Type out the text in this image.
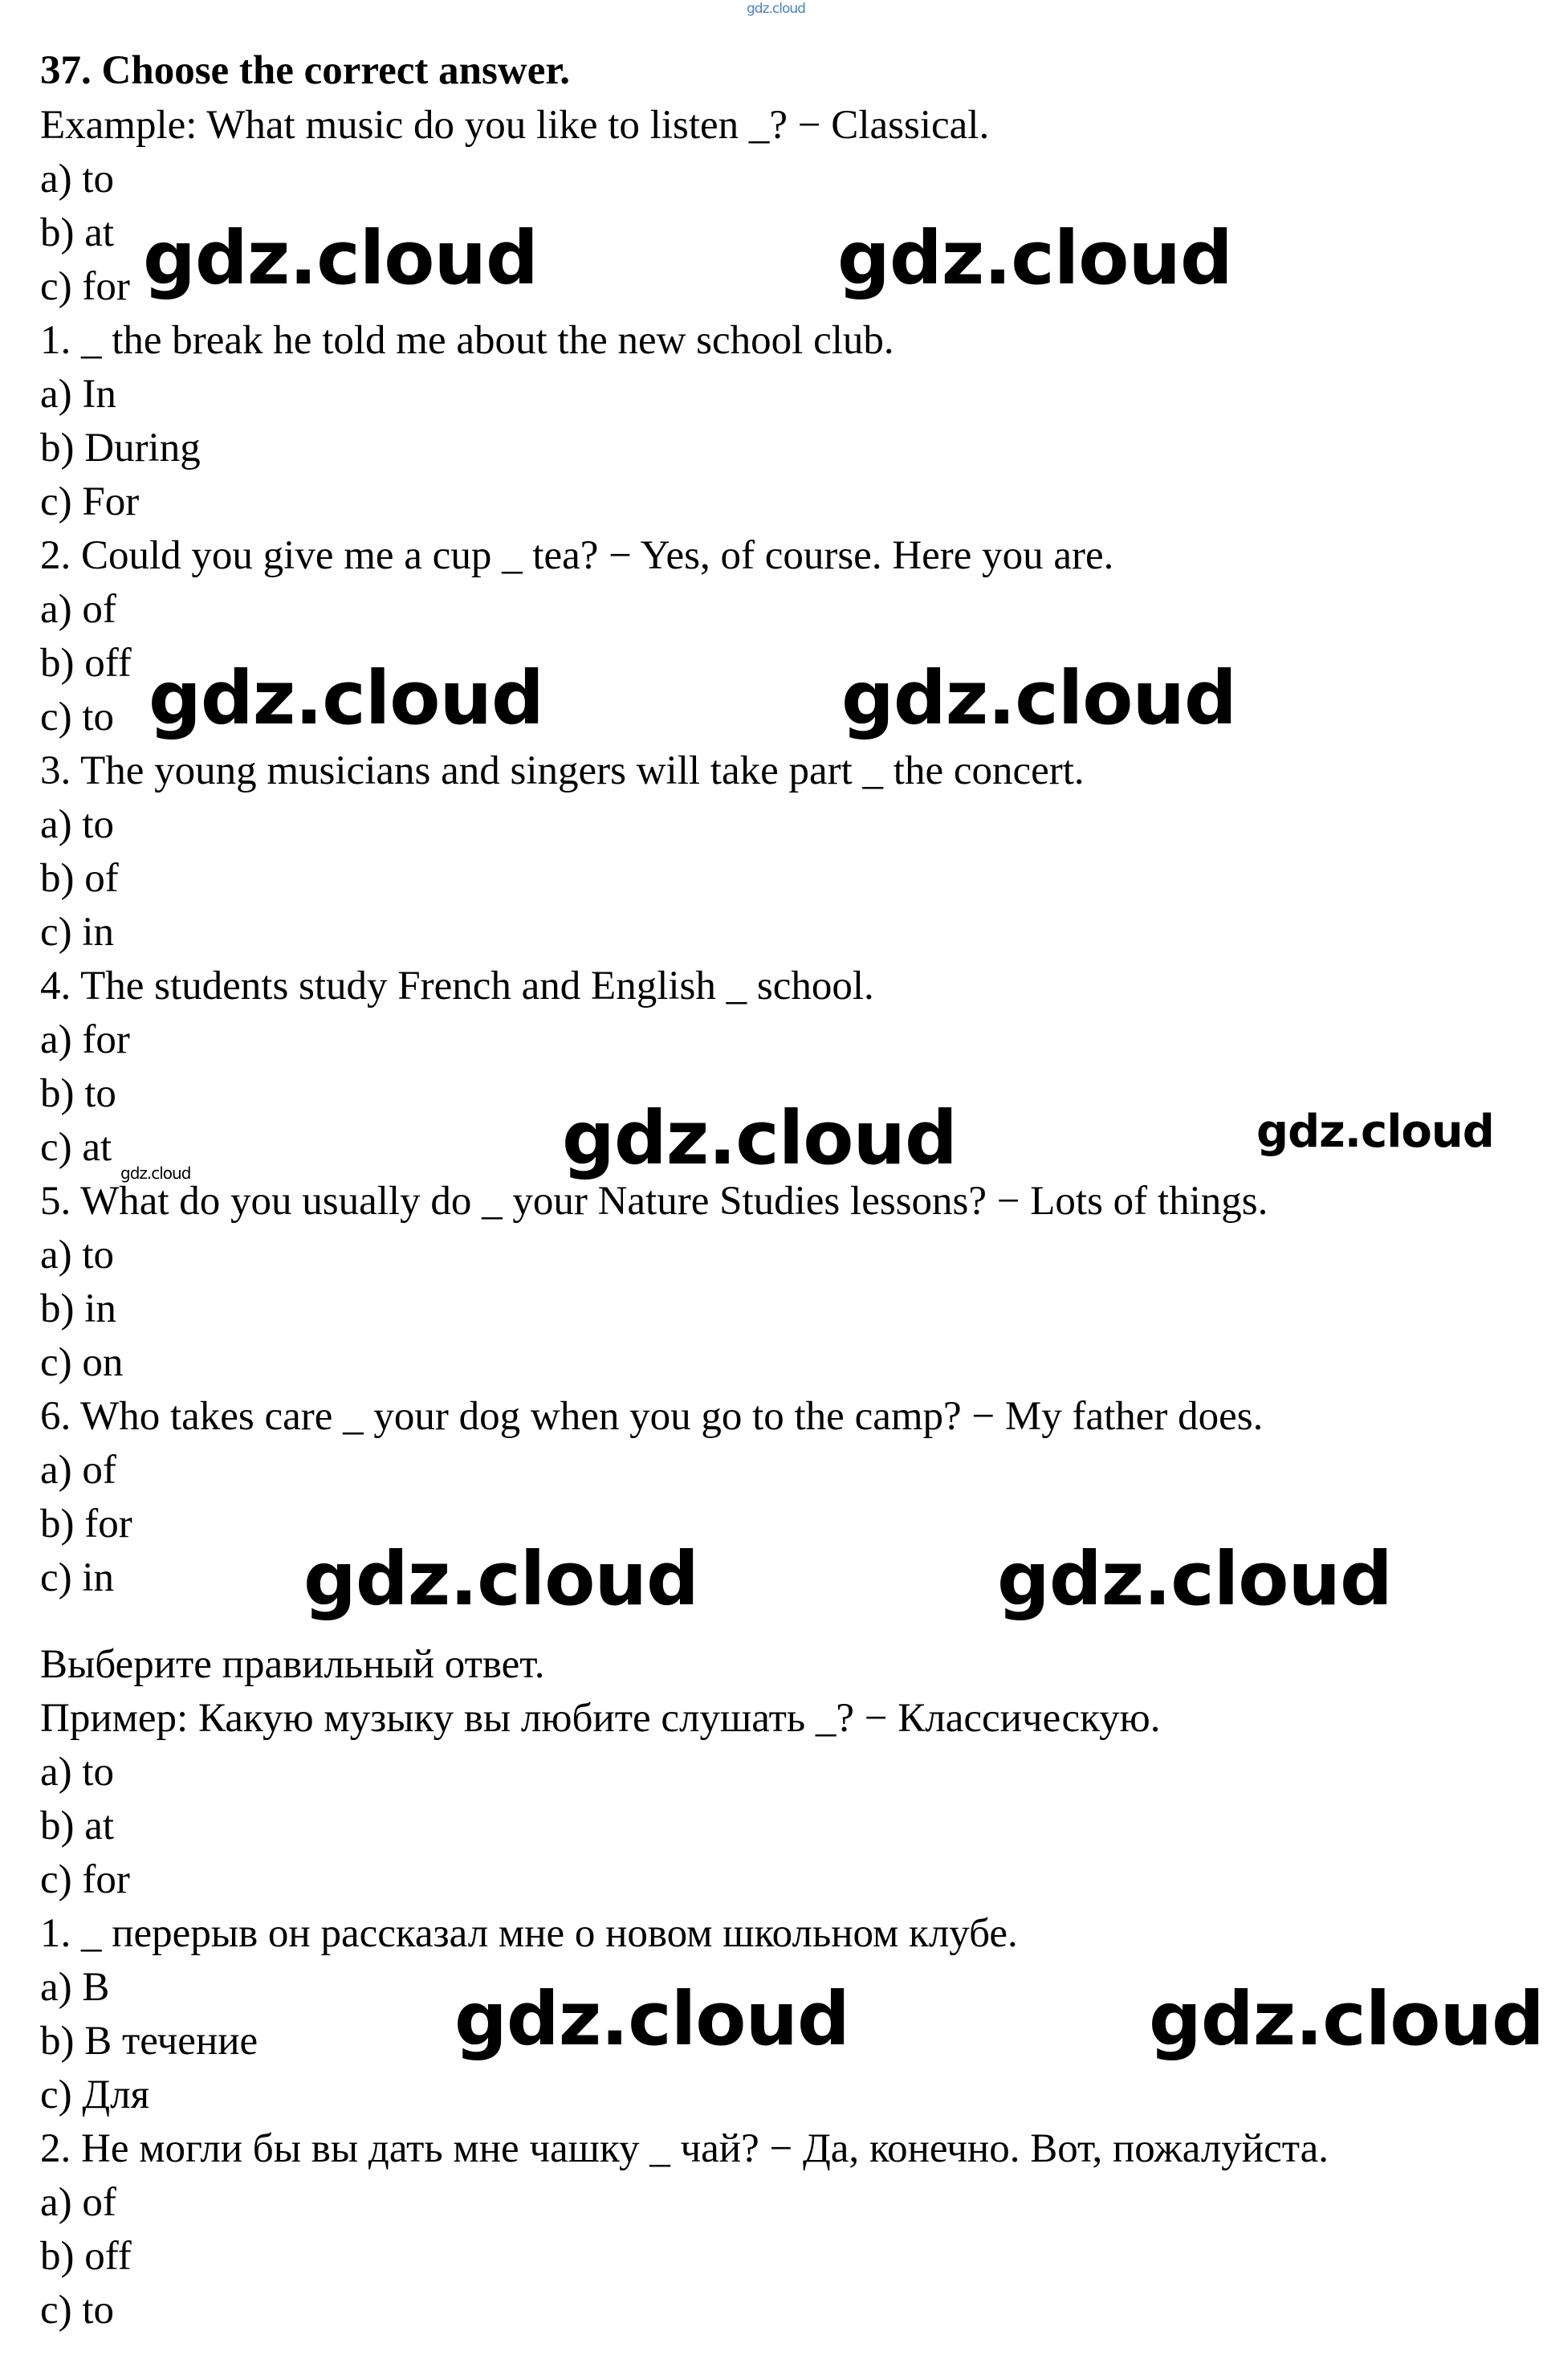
gdz.cloud
37. Choose the correct answer.
Example: What music do you like to listen _? − Classical.
a) to
b) at
c) for
1. _ the break he told me about the new school club.
a) In
b) During
c) For
2. Could you give me a cup _ tea? − Yes, of course. Here you are.
a) of
b) off
c) to
3. The young musicians and singers will take part _ the concert.
a) to
b) of
c) in
4. The students study French and English _ school.
a) for
b) to
c) at
5. What do you usually do _ your Nature Studies lessons? − Lots of things.
a) to
b) in
c) on
6. Who takes care _ your dog when you go to the camp? − My father does.
a) of
b) for
c) in
Выберите правильный ответ.
Пример: Какую музыку вы любите слушать _? − Классическую.
a) to
b) at
c) for
1. _ перерыв он рассказал мне о новом школьном клубе.
a) В
b) В течение
c) Для
2. Не могли бы вы дать мне чашку _ чай? − Да, конечно. Вот, пожалуйста.
a) of
b) off
c) to
gdz.cloud	gdz.cloud
gdz.cloud	gdz.cloud
gdz.cloud	gdz.cloud
gdz.cloud
gdz.cloud	gdz.cloud
gdz.cloud	gdz.cloud
